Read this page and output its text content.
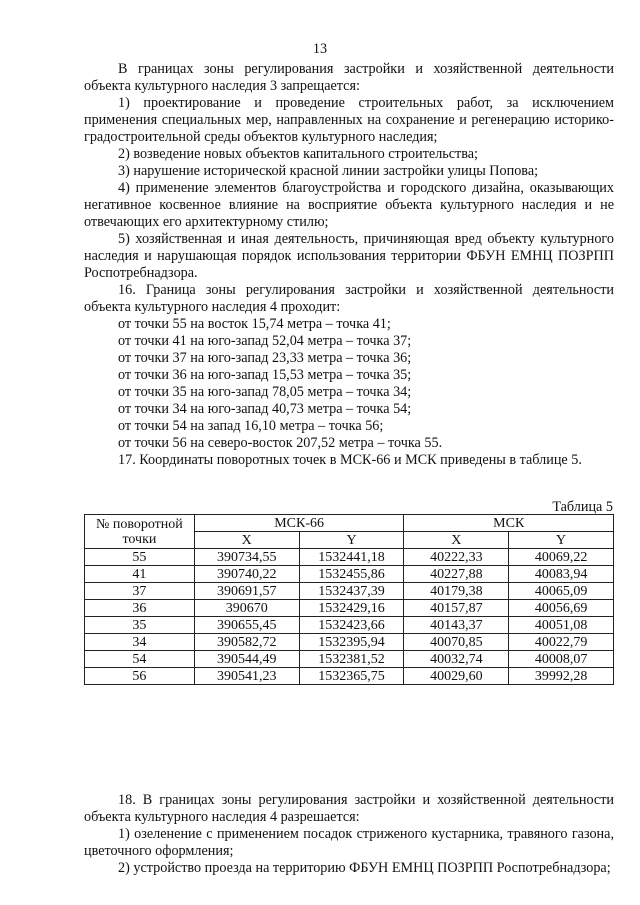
13

В границах зоны регулирования застройки и хозяйственной деятельности объекта культурного наследия 3 запрещается:

1) проектирование и проведение строительных работ, за исключением применения специальных мер, направленных на сохранение и регенерацию историко-градостроительной среды объектов культурного наследия;

2) возведение новых объектов капитального строительства;

3) нарушение исторической красной линии застройки улицы Попова;

4) применение элементов благоустройства и городского дизайна, оказывающих негативное косвенное влияние на восприятие объекта культурного наследия и не отвечающих его архитектурному стилю;

5) хозяйственная и иная деятельность, причиняющая вред объекту культурного наследия и нарушающая порядок использования территории ФБУН ЕМНЦ ПОЗРПП Роспотребнадзора.

16. Граница зоны регулирования застройки и хозяйственной деятельности объекта культурного наследия 4 проходит:

от точки 55 на восток 15,74 метра – точка 41;

от точки 41 на юго-запад 52,04 метра – точка 37;

от точки 37 на юго-запад 23,33 метра – точка 36;

от точки 36 на юго-запад 15,53 метра – точка 35;

от точки 35 на юго-запад 78,05 метра – точка 34;

от точки 34 на юго-запад 40,73 метра – точка 54;

от точки 54 на запад 16,10 метра – точка 56;

от точки 56 на северо-восток 207,52 метра – точка 55.

17. Координаты поворотных точек в МСК-66 и МСК приведены в таблице 5.

Таблица 5
№ поворотной точки	МСК-66		МСК	
	X	Y	X	Y
55	390734,55	1532441,18	40222,33	40069,22
41	390740,22	1532455,86	40227,88	40083,94
37	390691,57	1532437,39	40179,38	40065,09
36	390670	1532429,16	40157,87	40056,69
35	390655,45	1532423,66	40143,37	40051,08
34	390582,72	1532395,94	40070,85	40022,79
54	390544,49	1532381,52	40032,74	40008,07
56	390541,23	1532365,75	40029,60	39992,28

18. В границах зоны регулирования застройки и хозяйственной деятельности объекта культурного наследия 4 разрешается:

1) озеленение с применением посадок стриженого кустарника, травяного газона, цветочного оформления;

2) устройство проезда на территорию ФБУН ЕМНЦ ПОЗРПП Роспотребнадзора;
